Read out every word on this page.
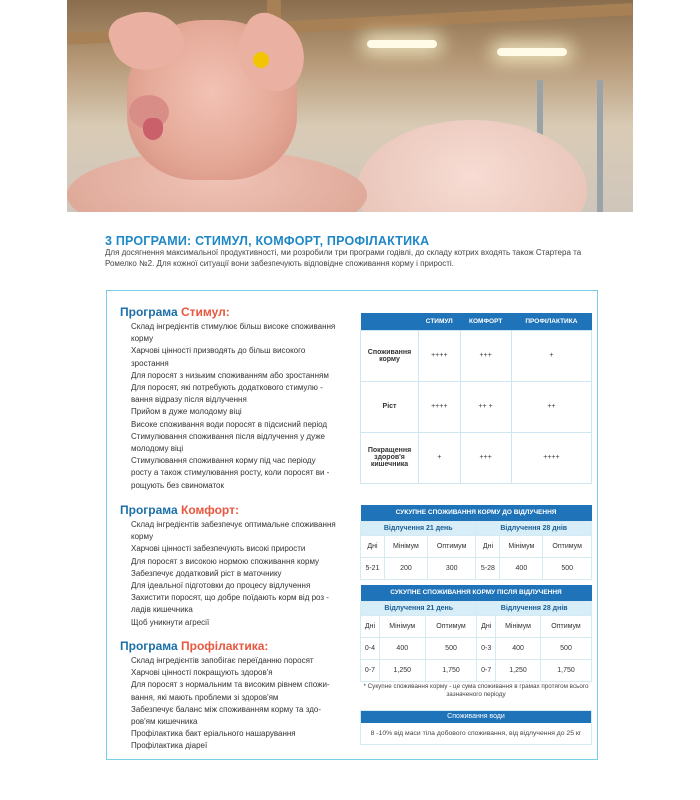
3 ПРОГРАМИ: СТИМУЛ, КОМФОРТ, ПРОФІЛАКТИКА
Для досягнення максимальної продуктивності, ми розробили три програми годівлі, до складу котрих входять також Стартера та Ромелко №2. Для кожної ситуації вони забезпечують відповідне споживання корму і прирості.
Програма Стимул:
Склад інгредієнтів стимулює більш високе споживання
корму
Харчові цінності призводять до більш високого
зростання
Для поросят з низьким споживанням або зростанням
Для поросят, які потребують додаткового стимулю -
вання відразу після відлучення
Прийом в дуже молодому віці
Високе споживання води поросят в підсисний період
Стимулювання споживання після відлучення у дуже
молодому віці
Стимулювання споживання корму під час періоду
росту а також стимулювання росту, коли поросят ви -
рощують без свиноматок
Програма Комфорт:
Склад інгредієнтів забезпечує оптимальне споживання
корму
Харчові цінності забезпечують високі прирости
Для поросят з високою нормою споживання корму
Забезпечує додатковий ріст в маточнику
Для ідеальної підготовки до процесу відлучення
Захистити поросят, що добре поїдають корм від роз -
ладів кишечника
Щоб уникнути агресії
Програма Профілактика:
Склад інгредієнтів запобігає переїданню поросят
Харчові цінності покращують здоров'я
Для поросят з нормальним та високим рівнем спожи-
вання, які мають проблеми зі здоров'ям
Забезпечує баланс між споживанням корму та здо-
ров'ям кишечника
Профілактика бакт еріального нашарування
Профілактика діареї
	СТИМУЛ	КОМФОРТ	ПРОФІЛАКТИКА
Споживання корму	++++	+++	+
Ріст	++++	++ +	++
Покращення здоров'я кишечника	+	+++	++++
СУКУПНЕ СПОЖИВАННЯ КОРМУ ДО ВІДЛУЧЕННЯ					
Відлучення 21 день			Відлучення 28 днів		
Дні	Мінімум	Оптимум	Дні	Мінімум	Оптимум
5-21	200	300	5-28	400	500
СУКУПНЕ СПОЖИВАННЯ КОРМУ ПІСЛЯ ВІДЛУЧЕННЯ					
Відлучення 21 день			Відлучення 28 днів		
Дні	Мінімум	Оптимум	Дні	Мінімум	Оптимум
0-4	400	500	0-3	400	500
0-7	1,250	1,750	0-7	1,250	1,750
* Сукупне споживання корму - це сума споживання в грамах протягом всього зазначеного періоду
Споживання води
8 -10% від маси тіла добового споживання, від відлучення до 25 кг
